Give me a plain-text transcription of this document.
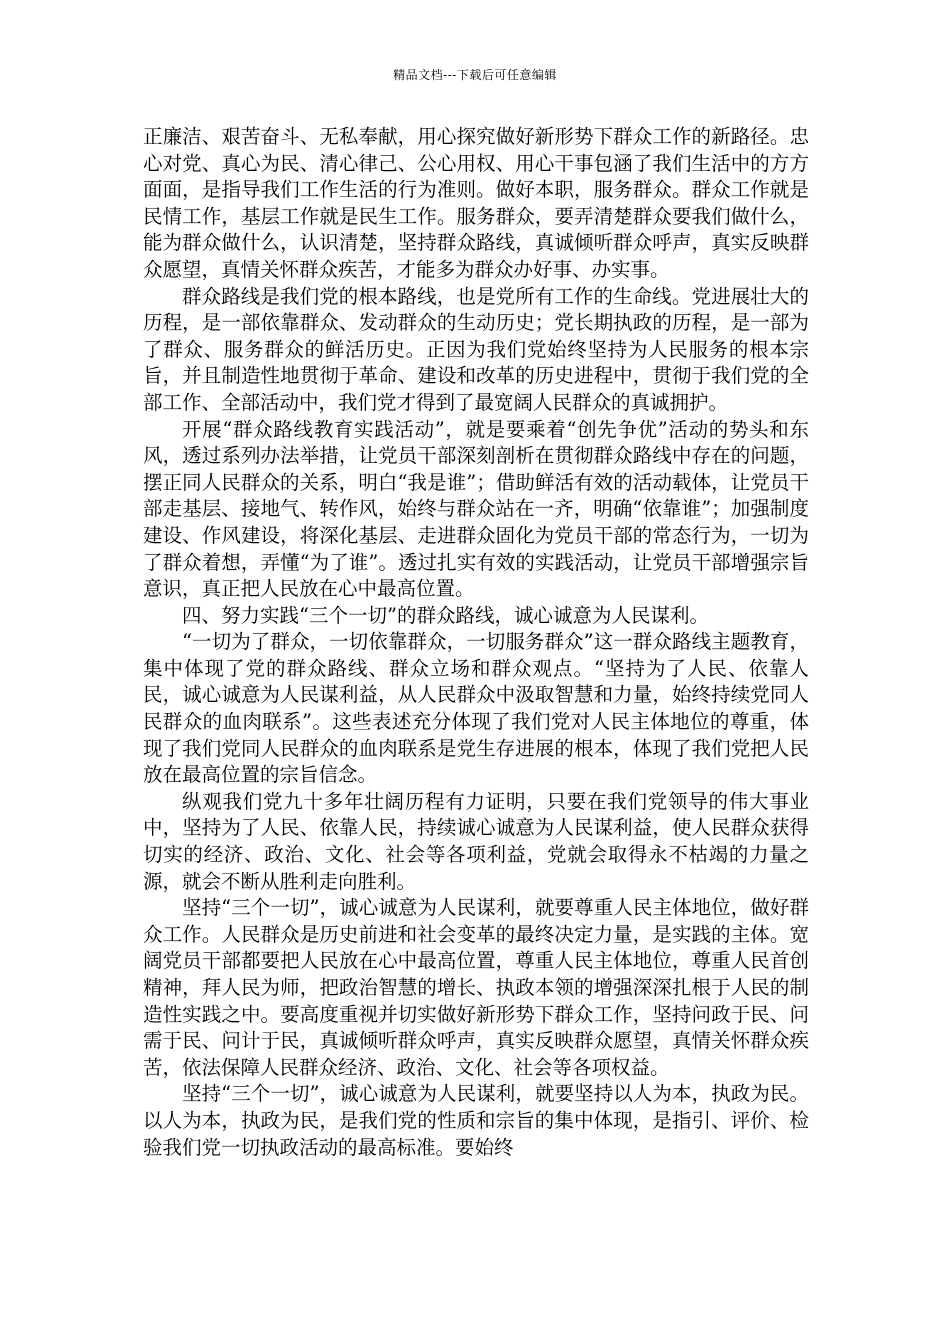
精品文档---下载后可任意编辑

正廉洁、艰苦奋斗、无私奉献，用心探究做好新形势下群众工作的新路径。忠心对党、真心为民、清心律己、公心用权、用心干事包涵了我们生活中的方方面面，是指导我们工作生活的行为准则。做好本职，服务群众。群众工作就是民情工作，基层工作就是民生工作。服务群众，要弄清楚群众要我们做什么，能为群众做什么，认识清楚，坚持群众路线，真诚倾听群众呼声，真实反映群众愿望，真情关怀群众疾苦，才能多为群众办好事、办实事。

群众路线是我们党的根本路线，也是党所有工作的生命线。党进展壮大的历程，是一部依靠群众、发动群众的生动历史；党长期执政的历程，是一部为了群众、服务群众的鲜活历史。正因为我们党始终坚持为人民服务的根本宗旨，并且制造性地贯彻于革命、建设和改革的历史进程中，贯彻于我们党的全部工作、全部活动中，我们党才得到了最宽阔人民群众的真诚拥护。

开展“群众路线教育实践活动”，就是要乘着“创先争优”活动的势头和东风，透过系列办法举措，让党员干部深刻剖析在贯彻群众路线中存在的问题，摆正同人民群众的关系，明白“我是谁”；借助鲜活有效的活动载体，让党员干部走基层、接地气、转作风，始终与群众站在一齐，明确“依靠谁”；加强制度建设、作风建设，将深化基层、走进群众固化为党员干部的常态行为，一切为了群众着想，弄懂“为了谁”。透过扎实有效的实践活动，让党员干部增强宗旨意识，真正把人民放在心中最高位置。

四、努力实践“三个一切”的群众路线，诚心诚意为人民谋利。

“一切为了群众，一切依靠群众，一切服务群众”这一群众路线主题教育，集中体现了党的群众路线、群众立场和群众观点。“坚持为了人民、依靠人民，诚心诚意为人民谋利益，从人民群众中汲取智慧和力量，始终持续党同人民群众的血肉联系”。这些表述充分体现了我们党对人民主体地位的尊重，体现了我们党同人民群众的血肉联系是党生存进展的根本，体现了我们党把人民放在最高位置的宗旨信念。

纵观我们党九十多年壮阔历程有力证明，只要在我们党领导的伟大事业中，坚持为了人民、依靠人民，持续诚心诚意为人民谋利益，使人民群众获得切实的经济、政治、文化、社会等各项利益，党就会取得永不枯竭的力量之源，就会不断从胜利走向胜利。

坚持“三个一切”，诚心诚意为人民谋利，就要尊重人民主体地位，做好群众工作。人民群众是历史前进和社会变革的最终决定力量，是实践的主体。宽阔党员干部都要把人民放在心中最高位置，尊重人民主体地位，尊重人民首创精神，拜人民为师，把政治智慧的增长、执政本领的增强深深扎根于人民的制造性实践之中。要高度重视并切实做好新形势下群众工作，坚持问政于民、问需于民、问计于民，真诚倾听群众呼声，真实反映群众愿望，真情关怀群众疾苦，依法保障人民群众经济、政治、文化、社会等各项权益。

坚持“三个一切”，诚心诚意为人民谋利，就要坚持以人为本，执政为民。以人为本，执政为民，是我们党的性质和宗旨的集中体现，是指引、评价、检验我们党一切执政活动的最高标准。要始终
